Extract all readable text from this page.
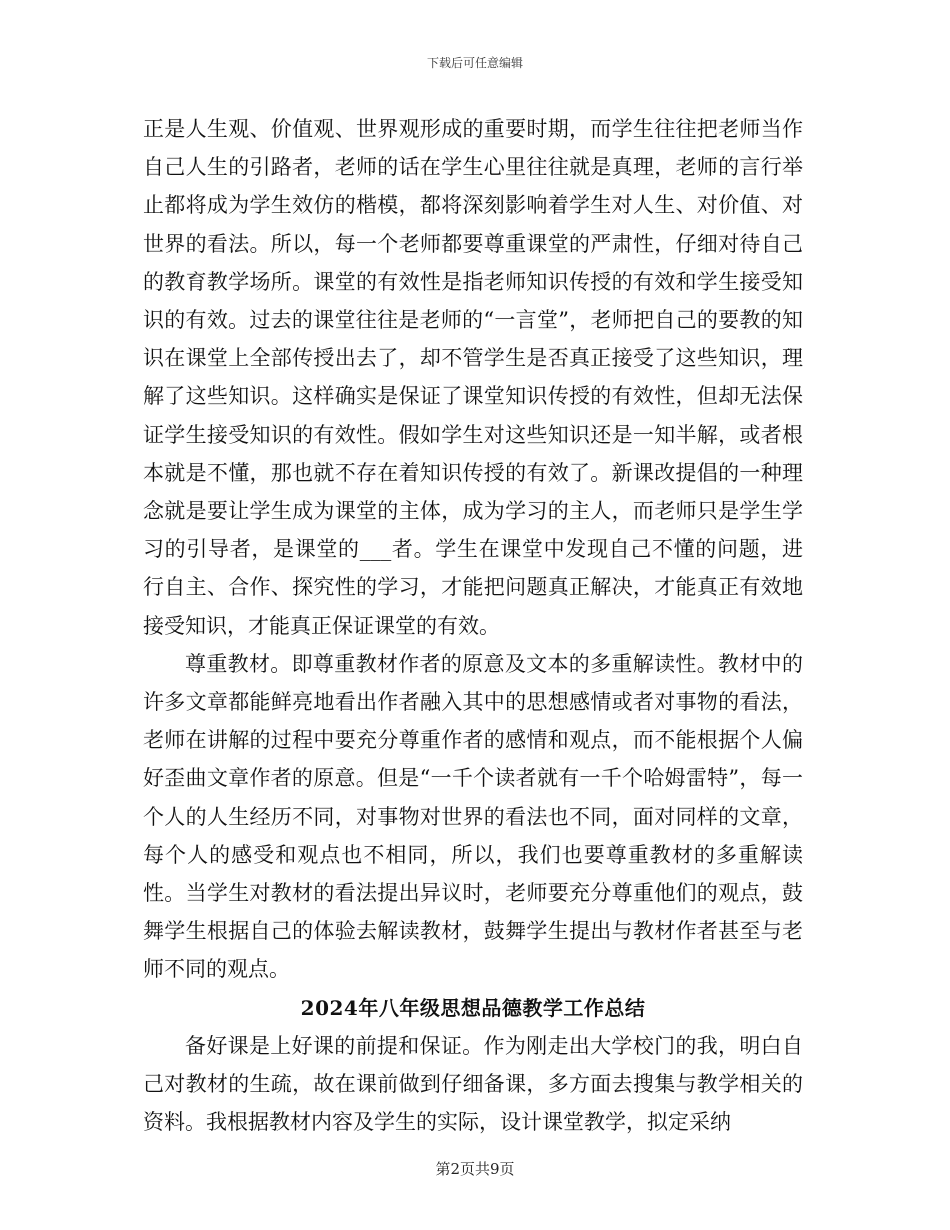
下载后可任意编辑

正是人生观、价值观、世界观形成的重要时期，而学生往往把老师当作自己人生的引路者，老师的话在学生心里往往就是真理，老师的言行举止都将成为学生效仿的楷模，都将深刻影响着学生对人生、对价值、对世界的看法。所以，每一个老师都要尊重课堂的严肃性，仔细对待自己的教育教学场所。课堂的有效性是指老师知识传授的有效和学生接受知识的有效。过去的课堂往往是老师的“一言堂”，老师把自己的要教的知识在课堂上全部传授出去了，却不管学生是否真正接受了这些知识，理解了这些知识。这样确实是保证了课堂知识传授的有效性，但却无法保证学生接受知识的有效性。假如学生对这些知识还是一知半解，或者根本就是不懂，那也就不存在着知识传授的有效了。新课改提倡的一种理念就是要让学生成为课堂的主体，成为学习的主人，而老师只是学生学习的引导者，是课堂的___者。学生在课堂中发现自己不懂的问题，进行自主、合作、探究性的学习，才能把问题真正解决，才能真正有效地接受知识，才能真正保证课堂的有效。

尊重教材。即尊重教材作者的原意及文本的多重解读性。教材中的许多文章都能鲜亮地看出作者融入其中的思想感情或者对事物的看法，老师在讲解的过程中要充分尊重作者的感情和观点，而不能根据个人偏好歪曲文章作者的原意。但是“一千个读者就有一千个哈姆雷特”，每一个人的人生经历不同，对事物对世界的看法也不同，面对同样的文章，每个人的感受和观点也不相同，所以，我们也要尊重教材的多重解读性。当学生对教材的看法提出异议时，老师要充分尊重他们的观点，鼓舞学生根据自己的体验去解读教材，鼓舞学生提出与教材作者甚至与老师不同的观点。

2024年八年级思想品德教学工作总结

备好课是上好课的前提和保证。作为刚走出大学校门的我，明白自己对教材的生疏，故在课前做到仔细备课，多方面去搜集与教学相关的资料。我根据教材内容及学生的实际，设计课堂教学，拟定采纳

第2页共9页
